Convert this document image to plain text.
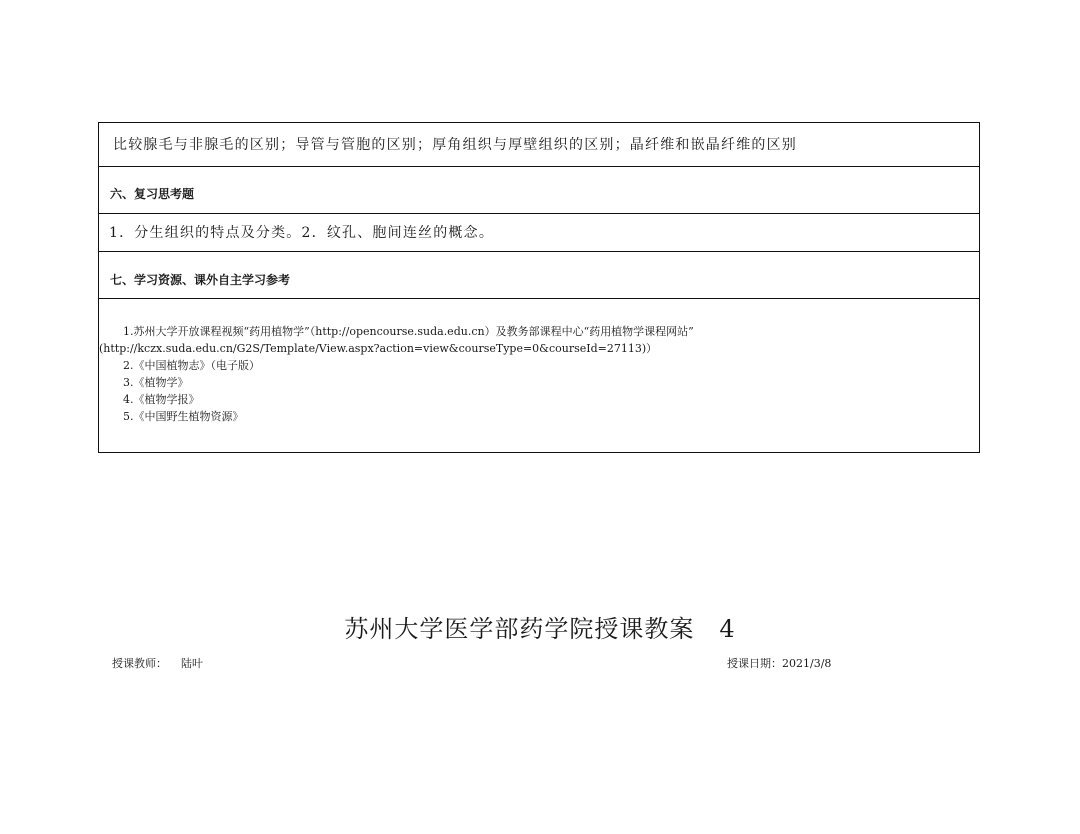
比较腺毛与非腺毛的区别；导管与管胞的区别；厚角组织与厚壁组织的区别；晶纤维和嵌晶纤维的区别
六、复习思考题
1．分生组织的特点及分类。2．纹孔、胞间连丝的概念。
七、学习资源、课外自主学习参考
1.苏州大学开放课程视频“药用植物学”（http://opencourse.suda.edu.cn）及教务部课程中心“药用植物学课程网站”
(http://kczx.suda.edu.cn/G2S/Template/View.aspx?action=view&courseType=0&courseId=27113)）
2.《中国植物志》（电子版）
3.《植物学》
4.《植物学报》
5.《中国野生植物资源》
苏州大学医学部药学院授课教案　4
授课教师： 陆叶	授课日期：2021/3/8
